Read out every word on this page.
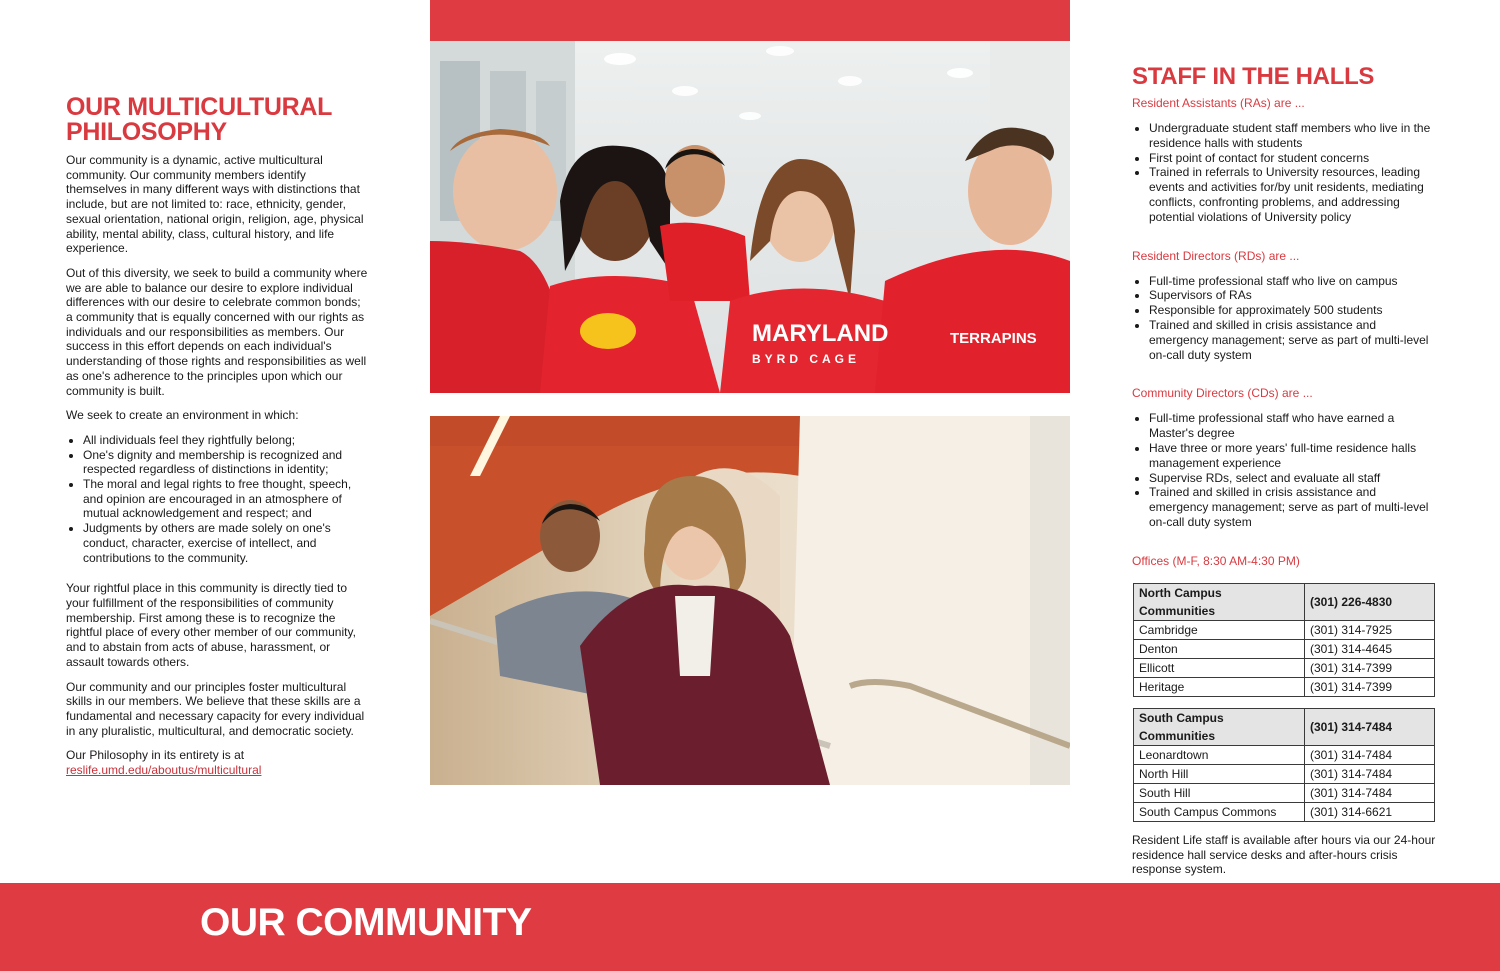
OUR MULTICULTURAL
PHILOSOPHY

Our community is a dynamic, active multicultural community. Our community members identify themselves in many different ways with distinctions that include, but are not limited to: race, ethnicity, gender, sexual orientation, national origin, religion, age, physical ability, mental ability, class, cultural history, and life experience.

Out of this diversity, we seek to build a community where we are able to balance our desire to explore individual differences with our desire to celebrate common bonds; a community that is equally concerned with our rights as individuals and our responsibilities as members. Our success in this effort depends on each individual's understanding of those rights and responsibilities as well as one's adherence to the principles upon which our community is built.

We seek to create an environment in which:

• All individuals feel they rightfully belong;
• One's dignity and membership is recognized and respected regardless of distinctions in identity;
• The moral and legal rights to free thought, speech, and opinion are encouraged in an atmosphere of mutual acknowledgement and respect; and
• Judgments by others are made solely on one's conduct, character, exercise of intellect, and contributions to the community.

Your rightful place in this community is directly tied to your fulfillment of the responsibilities of community membership. First among these is to recognize the rightful place of every other member of our community, and to abstain from acts of abuse, harassment, or assault towards others.

Our community and our principles foster multicultural skills in our members. We believe that these skills are a fundamental and necessary capacity for every individual in any pluralistic, multicultural, and democratic society.

Our Philosophy in its entirety is at
reslife.umd.edu/aboutus/multicultural

MARYLAND
BYRD CAGE
TERRAPINS
STAFF IN THE HALLS

Resident Assistants (RAs) are ...

• Undergraduate student staff members who live in the residence halls with students
• First point of contact for student concerns
• Trained in referrals to University resources, leading events and activities for/by unit residents, mediating conflicts, confronting problems, and addressing potential violations of University policy

Resident Directors (RDs) are ...

• Full-time professional staff who live on campus
• Supervisors of RAs
• Responsible for approximately 500 students
• Trained and skilled in crisis assistance and emergency management; serve as part of multi-level on-call duty system

Community Directors (CDs) are ...

• Full-time professional staff who have earned a Master's degree
• Have three or more years' full-time residence halls management experience
• Supervise RDs, select and evaluate all staff
• Trained and skilled in crisis assistance and emergency management; serve as part of multi-level on-call duty system

Offices (M-F, 8:30 AM-4:30 PM)

North Campus Communities	(301) 226-4830
Cambridge	(301) 314-7925
Denton	(301) 314-4645
Ellicott	(301) 314-7399
Heritage	(301) 314-7399
South Campus Communities	(301) 314-7484
Leonardtown	(301) 314-7484
North Hill	(301) 314-7484
South Hill	(301) 314-7484
South Campus Commons	(301) 314-6621

Resident Life staff is available after hours via our 24-hour residence hall service desks and after-hours crisis response system.

OUR COMMUNITY
